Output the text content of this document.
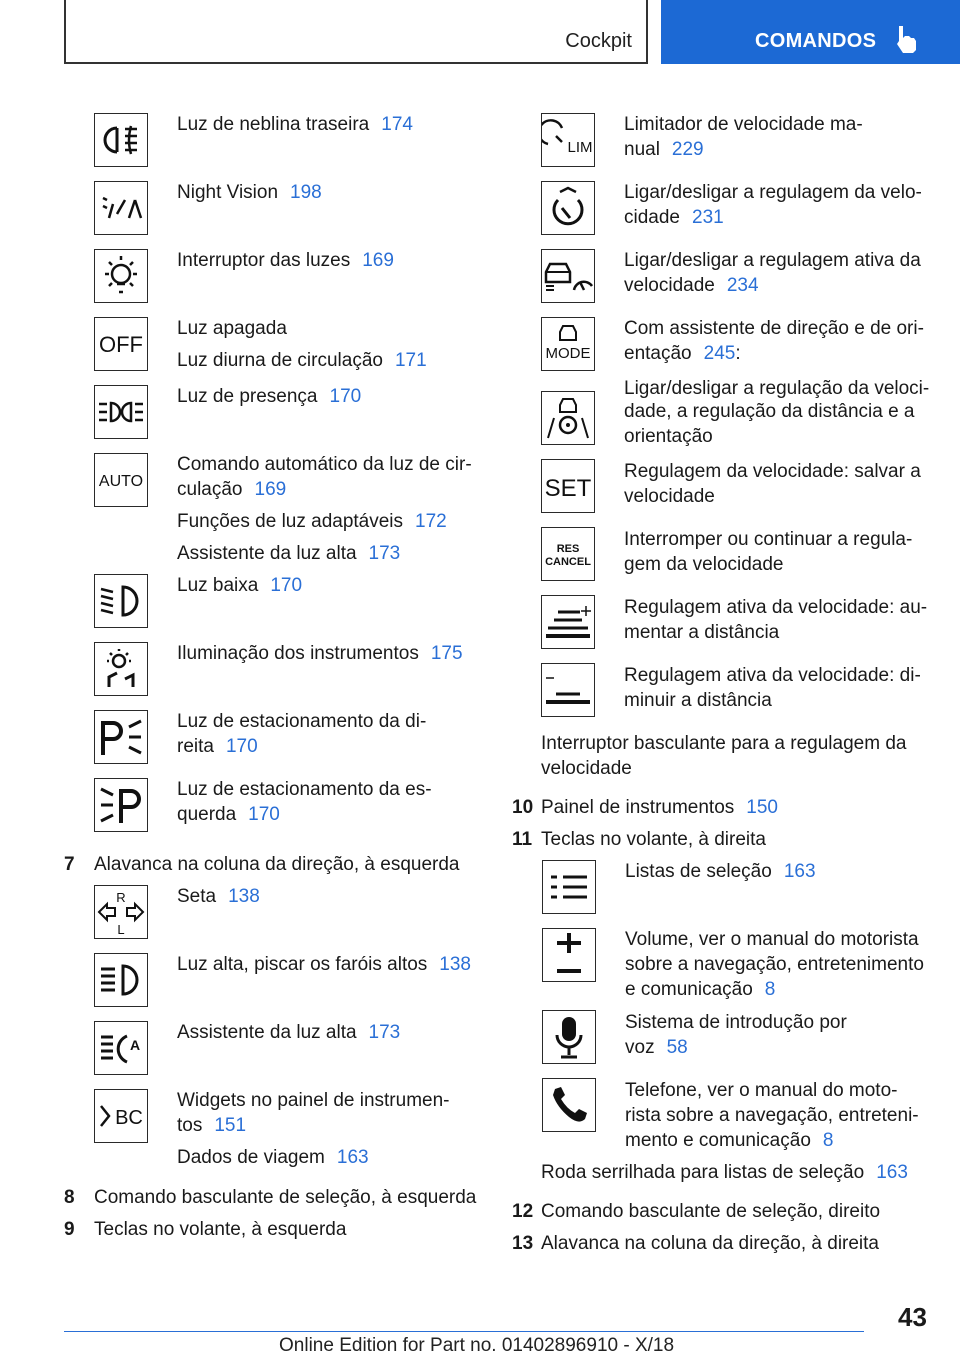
Cockpit	COMANDOS
Luz de neblina traseira 174
Night Vision 198
Interruptor das luzes 169
OFF
Luz apagada
Luz diurna de circulação 171
Luz de presença 170
AUTO
Comando automático da luz de cir-
culação 169
Funções de luz adaptáveis 172
Assistente da luz alta 173
Luz baixa 170
Iluminação dos instrumentos 175
Luz de estacionamento da di-
reita 170
Luz de estacionamento da es-
querda 170
7 Alavanca na coluna da direção, à esquerda
R
L
Seta 138
Luz alta, piscar os faróis altos 138
A
Assistente da luz alta 173
BC
Widgets no painel de instrumen-
tos 151
Dados de viagem 163
8 Comando basculante de seleção, à esquerda
9 Teclas no volante, à esquerda
LIM
Limitador de velocidade ma-
nual 229
Ligar/desligar a regulagem da velo-
cidade 231
Ligar/desligar a regulagem ativa da
velocidade 234
MODE
Com assistente de direção e de ori-
entação 245:
Ligar/desligar a regulação da veloci-
dade, a regulação da distância e a
orientação
SET
Regulagem da velocidade: salvar a
velocidade
RES
CANCEL
Interromper ou continuar a regula-
gem da velocidade
Regulagem ativa da velocidade: au-
mentar a distância
Regulagem ativa da velocidade: di-
minuir a distância
Interruptor basculante para a regulagem da
velocidade
10 Painel de instrumentos 150
11 Teclas no volante, à direita
Listas de seleção 163
Volume, ver o manual do motorista
sobre a navegação, entretenimento
e comunicação 8
Sistema de introdução por
voz 58
Telefone, ver o manual do moto-
rista sobre a navegação, entreteni-
mento e comunicação 8
Roda serrilhada para listas de seleção 163
12 Comando basculante de seleção, direito
13 Alavanca na coluna da direção, à direita
43
Online Edition for Part no. 01402896910 - X/18
